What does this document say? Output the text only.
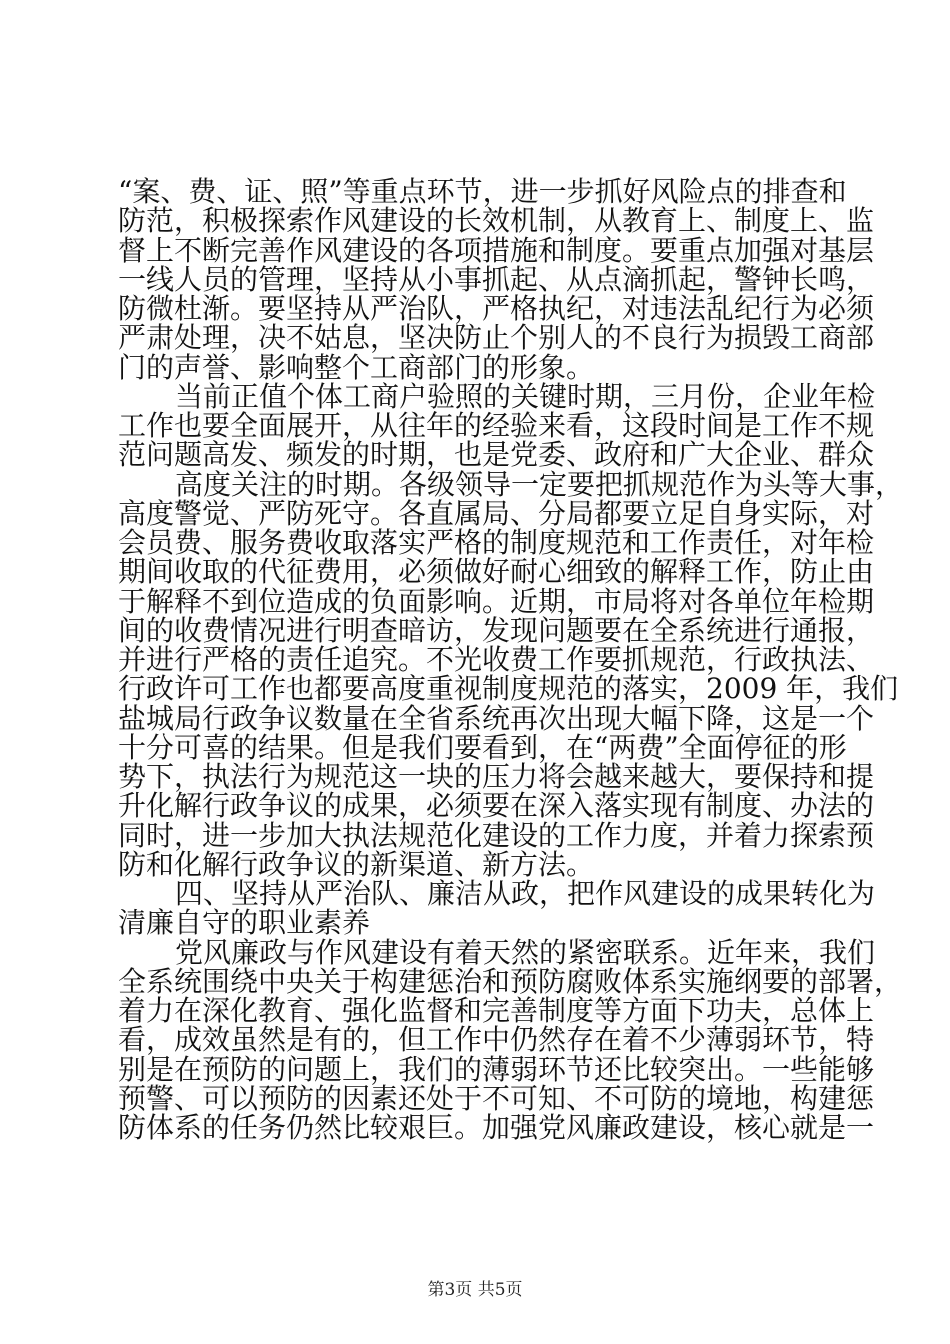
“案、费、证、照”等重点环节，进一步抓好风险点的排查和
防范，积极探索作风建设的长效机制，从教育上、制度上、监
督上不断完善作风建设的各项措施和制度。要重点加强对基层
一线人员的管理，坚持从小事抓起、从点滴抓起，警钟长鸣，
防微杜渐。要坚持从严治队，严格执纪，对违法乱纪行为必须
严肃处理，决不姑息，坚决防止个别人的不良行为损毁工商部
门的声誉、影响整个工商部门的形象。
当前正值个体工商户验照的关键时期，三月份，企业年检
工作也要全面展开，从往年的经验来看，这段时间是工作不规
范问题高发、频发的时期，也是党委、政府和广大企业、群众
高度关注的时期。各级领导一定要把抓规范作为头等大事，
高度警觉、严防死守。各直属局、分局都要立足自身实际，对
会员费、服务费收取落实严格的制度规范和工作责任，对年检
期间收取的代征费用，必须做好耐心细致的解释工作，防止由
于解释不到位造成的负面影响。近期，市局将对各单位年检期
间的收费情况进行明查暗访，发现问题要在全系统进行通报，
并进行严格的责任追究。不光收费工作要抓规范，行政执法、
行政许可工作也都要高度重视制度规范的落实，2009 年，我们
盐城局行政争议数量在全省系统再次出现大幅下降，这是一个
十分可喜的结果。但是我们要看到，在“两费”全面停征的形
势下，执法行为规范这一块的压力将会越来越大，要保持和提
升化解行政争议的成果，必须要在深入落实现有制度、办法的
同时，进一步加大执法规范化建设的工作力度，并着力探索预
防和化解行政争议的新渠道、新方法。
四、坚持从严治队、廉洁从政，把作风建设的成果转化为
清廉自守的职业素养
党风廉政与作风建设有着天然的紧密联系。近年来，我们
全系统围绕中央关于构建惩治和预防腐败体系实施纲要的部署，
着力在深化教育、强化监督和完善制度等方面下功夫，总体上
看，成效虽然是有的，但工作中仍然存在着不少薄弱环节，特
别是在预防的问题上，我们的薄弱环节还比较突出。一些能够
预警、可以预防的因素还处于不可知、不可防的境地，构建惩
防体系的任务仍然比较艰巨。加强党风廉政建设，核心就是一
第3页 共5页
